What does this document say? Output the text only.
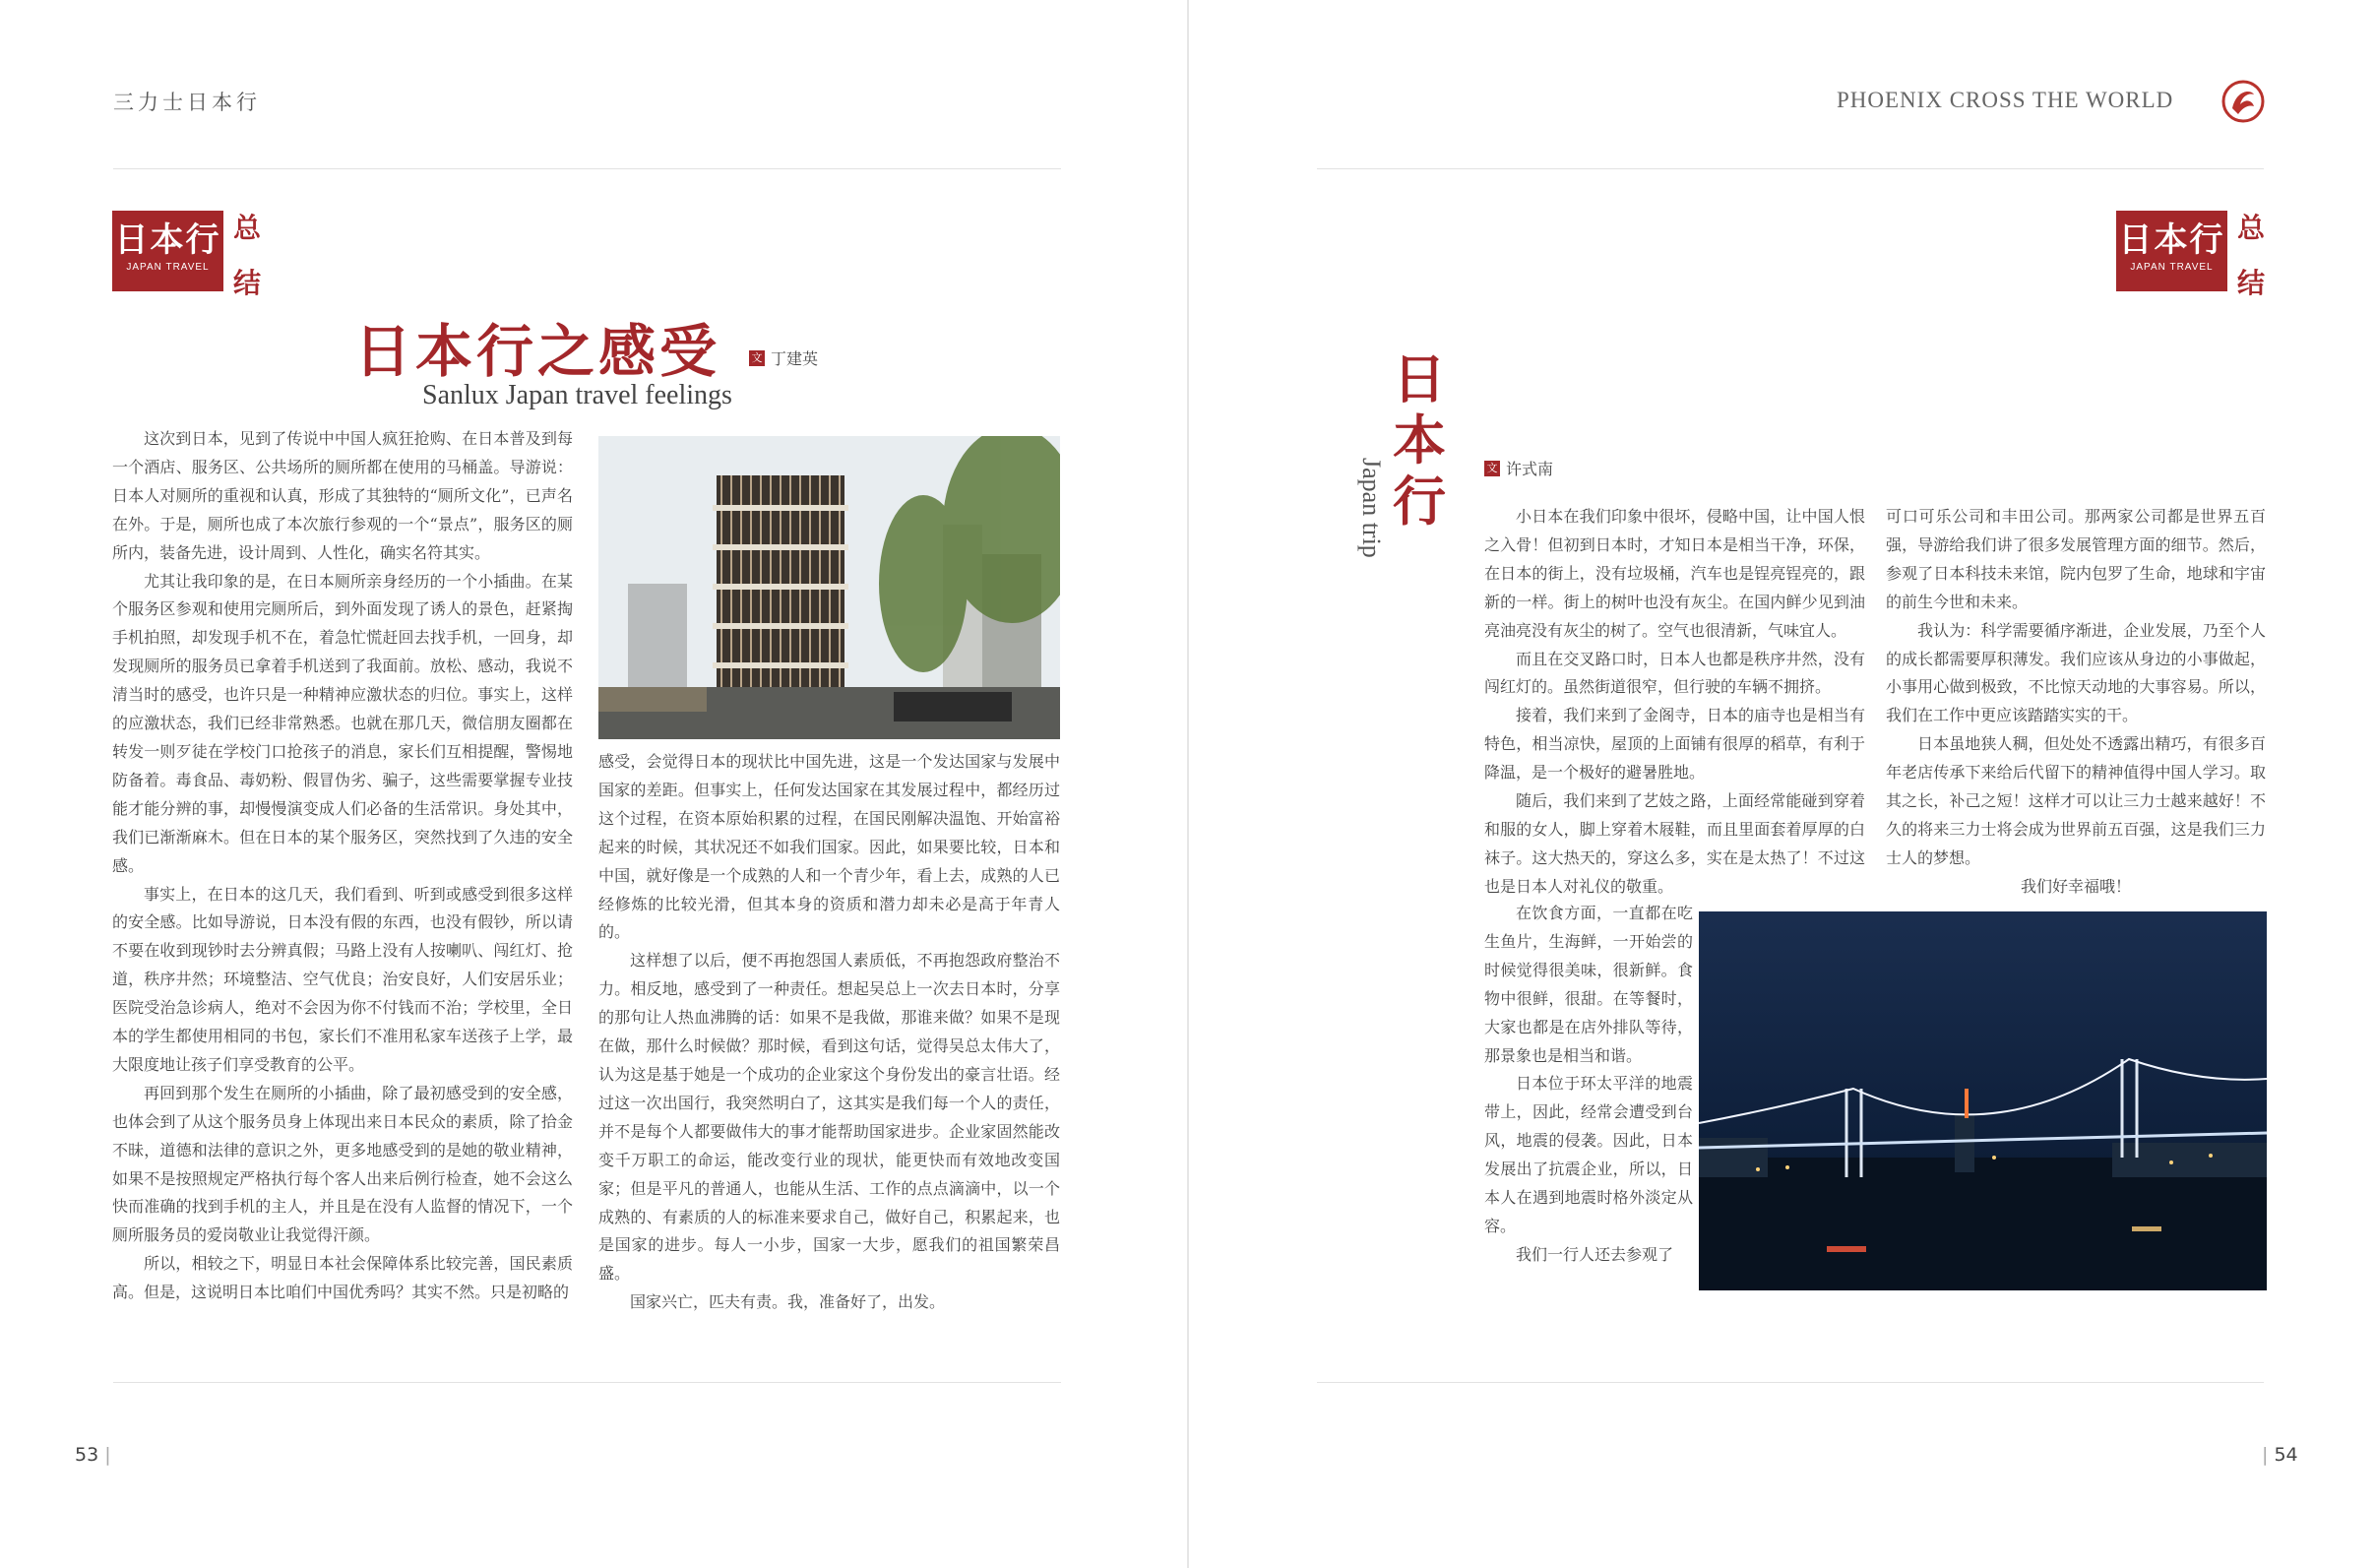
三力士日本行
日本行
JAPAN TRAVEL
总
结
日本行之感受	文 丁建英
Sanlux Japan travel feelings

这次到日本，见到了传说中中国人疯狂抢购、在日本普及到每一个酒店、服务区、公共场所的厕所都在使用的马桶盖。导游说：日本人对厕所的重视和认真，形成了其独特的“厕所文化”，已声名在外。于是，厕所也成了本次旅行参观的一个“景点”，服务区的厕所内，装备先进，设计周到、人性化，确实名符其实。

尤其让我印象的是，在日本厕所亲身经历的一个小插曲。在某个服务区参观和使用完厕所后，到外面发现了诱人的景色，赶紧掏手机拍照，却发现手机不在，着急忙慌赶回去找手机，一回身，却发现厕所的服务员已拿着手机送到了我面前。放松、感动，我说不清当时的感受，也许只是一种精神应激状态的归位。事实上，这样的应激状态，我们已经非常熟悉。也就在那几天，微信朋友圈都在转发一则歹徒在学校门口抢孩子的消息，家长们互相提醒，警惕地防备着。毒食品、毒奶粉、假冒伪劣、骗子，这些需要掌握专业技能才能分辨的事，却慢慢演变成人们必备的生活常识。身处其中，我们已渐渐麻木。但在日本的某个服务区，突然找到了久违的安全感。

事实上，在日本的这几天，我们看到、听到或感受到很多这样的安全感。比如导游说，日本没有假的东西，也没有假钞，所以请不要在收到现钞时去分辨真假；马路上没有人按喇叭、闯红灯、抢道，秩序井然；环境整洁、空气优良；治安良好，人们安居乐业；医院受治急诊病人，绝对不会因为你不付钱而不治；学校里，全日本的学生都使用相同的书包，家长们不准用私家车送孩子上学，最大限度地让孩子们享受教育的公平。

再回到那个发生在厕所的小插曲，除了最初感受到的安全感，也体会到了从这个服务员身上体现出来日本民众的素质，除了拾金不昧，道德和法律的意识之外，更多地感受到的是她的敬业精神，如果不是按照规定严格执行每个客人出来后例行检查，她不会这么快而准确的找到手机的主人，并且是在没有人监督的情况下，一个厕所服务员的爱岗敬业让我觉得汗颜。

所以，相较之下，明显日本社会保障体系比较完善，国民素质高。但是，这说明日本比咱们中国优秀吗？其实不然。只是初略的

感受，会觉得日本的现状比中国先进，这是一个发达国家与发展中国家的差距。但事实上，任何发达国家在其发展过程中，都经历过这个过程，在资本原始积累的过程，在国民刚解决温饱、开始富裕起来的时候，其状况还不如我们国家。因此，如果要比较，日本和中国，就好像是一个成熟的人和一个青少年，看上去，成熟的人已经修炼的比较光滑，但其本身的资质和潜力却未必是高于年青人的。

这样想了以后，便不再抱怨国人素质低，不再抱怨政府整治不力。相反地，感受到了一种责任。想起吴总上一次去日本时，分享的那句让人热血沸腾的话：如果不是我做，那谁来做？如果不是现在做，那什么时候做？那时候，看到这句话，觉得吴总太伟大了，认为这是基于她是一个成功的企业家这个身份发出的豪言壮语。经过这一次出国行，我突然明白了，这其实是我们每一个人的责任，并不是每个人都要做伟大的事才能帮助国家进步。企业家固然能改变千万职工的命运，能改变行业的现状，能更快而有效地改变国家；但是平凡的普通人，也能从生活、工作的点点滴滴中，以一个成熟的、有素质的人的标准来要求自己，做好自己，积累起来，也是国家的进步。每人一小步，国家一大步，愿我们的祖国繁荣昌盛。

国家兴亡，匹夫有责。我，准备好了，出发。

53 |
PHOENIX CROSS THE WORLD
日本行
JAPAN TRAVEL
总
结
日
本
行
Japan trip	文 许式南

小日本在我们印象中很坏，侵略中国，让中国人恨之入骨！但初到日本时，才知日本是相当干净，环保，在日本的街上，没有垃圾桶，汽车也是锃亮锃亮的，跟新的一样。街上的树叶也没有灰尘。在国内鲜少见到油亮油亮没有灰尘的树了。空气也很清新，气味宜人。

而且在交叉路口时，日本人也都是秩序井然，没有闯红灯的。虽然街道很窄，但行驶的车辆不拥挤。

接着，我们来到了金阁寺，日本的庙寺也是相当有特色，相当凉快，屋顶的上面铺有很厚的稻草，有利于降温，是一个极好的避暑胜地。

随后，我们来到了艺妓之路，上面经常能碰到穿着和服的女人，脚上穿着木屐鞋，而且里面套着厚厚的白袜子。这大热天的，穿这么多，实在是太热了！不过这也是日本人对礼仪的敬重。

在饮食方面，一直都在吃生鱼片，生海鲜，一开始尝的时候觉得很美味，很新鲜。食物中很鲜，很甜。在等餐时，大家也都是在店外排队等待，那景象也是相当和谐。

日本位于环太平洋的地震带上，因此，经常会遭受到台风，地震的侵袭。因此，日本发展出了抗震企业，所以，日本人在遇到地震时格外淡定从容。

我们一行人还去参观了

可口可乐公司和丰田公司。那两家公司都是世界五百强，导游给我们讲了很多发展管理方面的细节。然后，参观了日本科技未来馆，院内包罗了生命，地球和宇宙的前生今世和未来。

我认为：科学需要循序渐进，企业发展，乃至个人的成长都需要厚积薄发。我们应该从身边的小事做起，小事用心做到极致，不比惊天动地的大事容易。所以，我们在工作中更应该踏踏实实的干。

日本虽地狭人稠，但处处不透露出精巧，有很多百年老店传承下来给后代留下的精神值得中国人学习。取其之长，补己之短！这样才可以让三力士越来越好！不久的将来三力士将会成为世界前五百强，这是我们三力士人的梦想。

我们好幸福哦！

| 54
